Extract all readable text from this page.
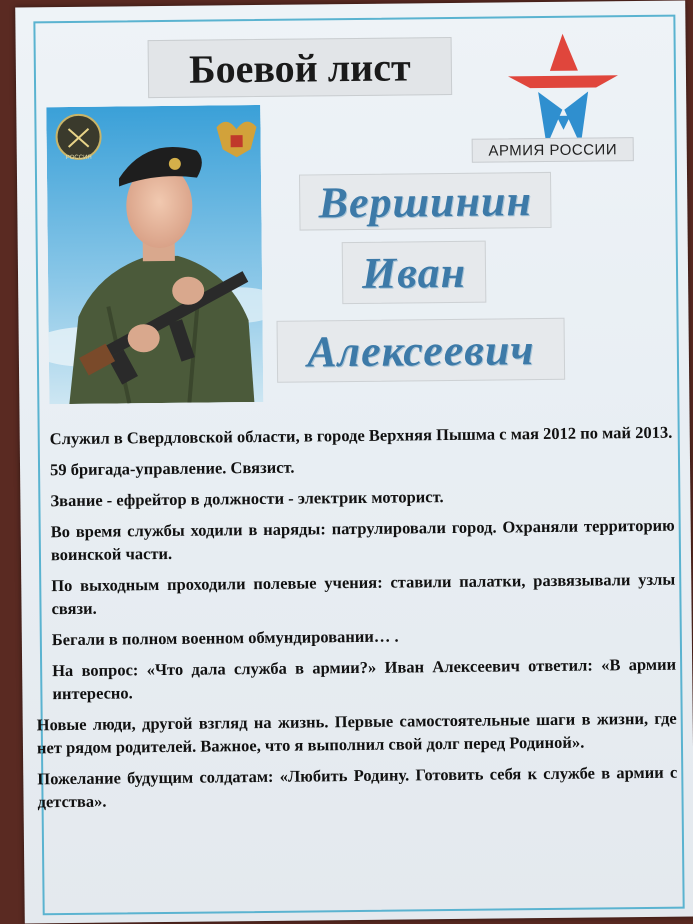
Боевой лист
АРМИЯ РОССИИ
РОССИЯ
Вершинин
Иван
Алексеевич

Служил в Свердловской области, в городе Верхняя Пышма с мая 2012 по май 2013.

59 бригада-управление. Связист.

Звание - ефрейтор в должности - электрик моторист.

Во время службы ходили в наряды: патрулировали город. Охраняли территорию воинской части.

По выходным проходили полевые учения: ставили палатки, развязывали узлы связи.

Бегали в полном военном обмундировании… .

На вопрос: «Что дала служба в армии?» Иван Алексеевич ответил: «В армии интересно.

Новые люди, другой взгляд на жизнь. Первые самостоятельные шаги в жизни, где нет рядом родителей. Важное, что я выполнил свой долг перед Родиной».

Пожелание будущим солдатам: «Любить Родину. Готовить себя к службе в армии с детства».
